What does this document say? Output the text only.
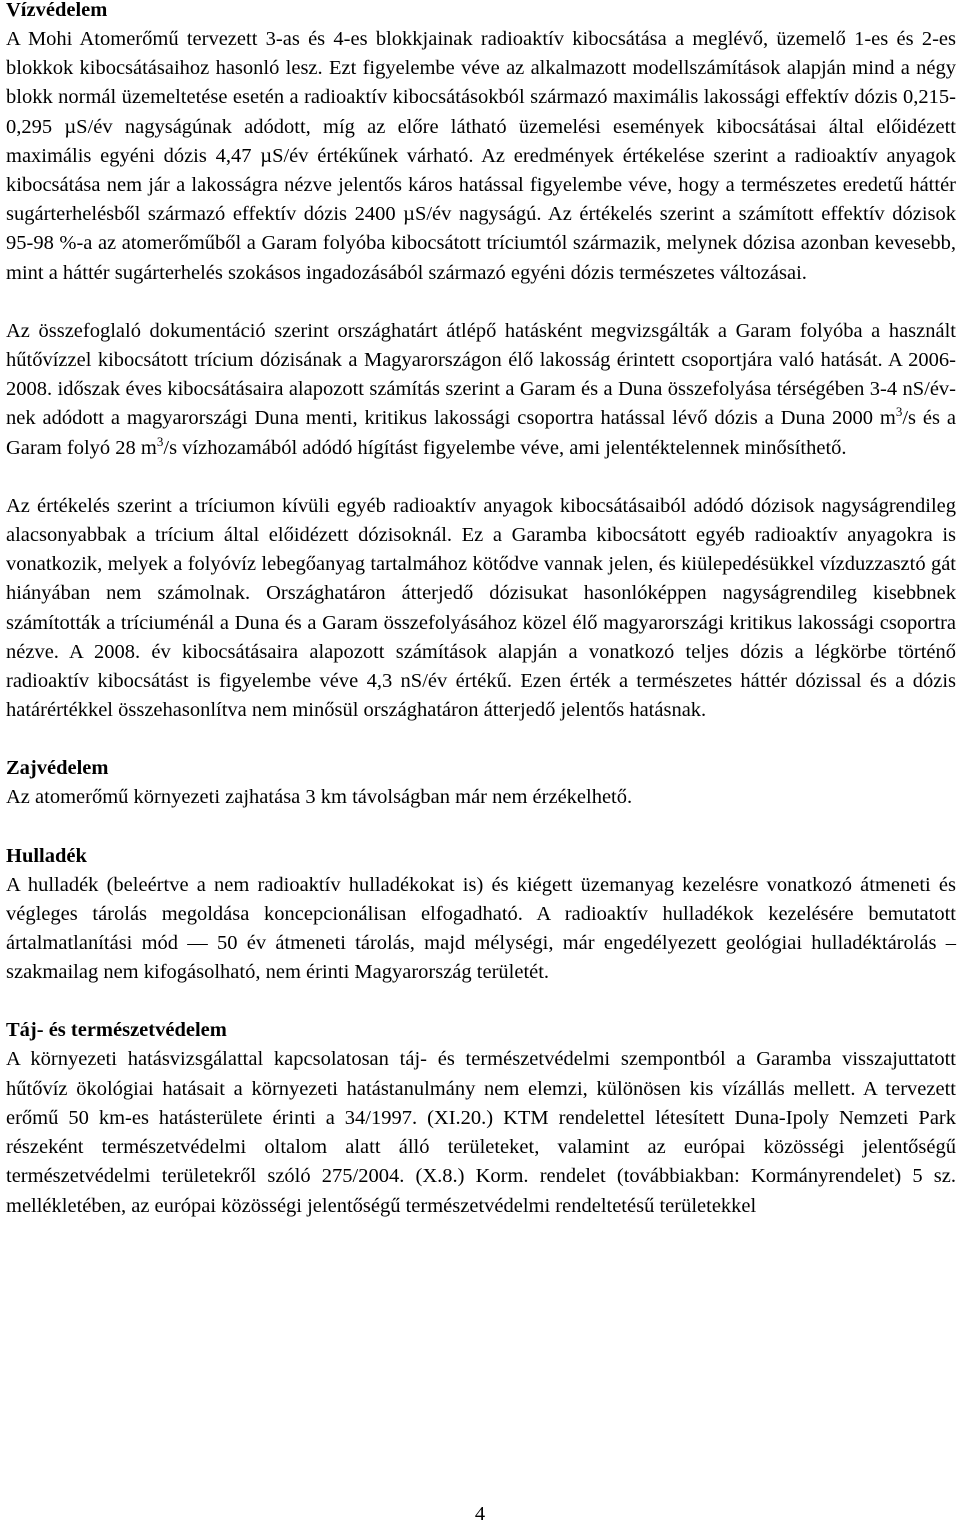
Vízvédelem

A Mohi Atomerőmű tervezett 3-as és 4-es blokkjainak radioaktív kibocsátása a meglévő, üzemelő 1-es és 2-es blokkok kibocsátásaihoz hasonló lesz. Ezt figyelembe véve az alkalmazott modellszámítások alapján mind a négy blokk normál üzemeltetése esetén a radioaktív kibocsátásokból származó maximális lakossági effektív dózis 0,215-0,295 µS/év nagyságúnak adódott, míg az előre látható üzemelési események kibocsátásai által előidézett maximális egyéni dózis 4,47 µS/év értékűnek várható. Az eredmények értékelése szerint a radioaktív anyagok kibocsátása nem jár a lakosságra nézve jelentős káros hatással figyelembe véve, hogy a természetes eredetű háttér sugárterhelésből származó effektív dózis 2400 µS/év nagyságú. Az értékelés szerint a számított effektív dózisok 95-98 %-a az atomerőműből a Garam folyóba kibocsátott tríciumtól származik, melynek dózisa azonban kevesebb, mint a háttér sugárterhelés szokásos ingadozásából származó egyéni dózis természetes változásai.

Az összefoglaló dokumentáció szerint országhatárt átlépő hatásként megvizsgálták a Garam folyóba a használt hűtővízzel kibocsátott trícium dózisának a Magyarországon élő lakosság érintett csoportjára való hatását. A 2006-2008. időszak éves kibocsátásaira alapozott számítás szerint a Garam és a Duna összefolyása térségében 3-4 nS/év-nek adódott a magyarországi Duna menti, kritikus lakossági csoportra hatással lévő dózis a Duna 2000 $m^3/s$ és a Garam folyó 28 $m^3/s$ vízhozamából adódó hígítást figyelembe véve, ami jelentéktelennek minősíthető.

Az értékelés szerint a tríciumon kívüli egyéb radioaktív anyagok kibocsátásaiból adódó dózisok nagyságrendileg alacsonyabbak a trícium által előidézett dózisoknál. Ez a Garamba kibocsátott egyéb radioaktív anyagokra is vonatkozik, melyek a folyóvíz lebegőanyag tartalmához kötődve vannak jelen, és kiülepedésükkel vízduzzasztó gát hiányában nem számolnak. Országhatáron átterjedő dózisukat hasonlóképpen nagyságrendileg kisebbnek számították a tríciuménál a Duna és a Garam összefolyásához közel élő magyarországi kritikus lakossági csoportra nézve. A 2008. év kibocsátásaira alapozott számítások alapján a vonatkozó teljes dózis a légkörbe történő radioaktív kibocsátást is figyelembe véve 4,3 nS/év értékű. Ezen érték a természetes háttér dózissal és a dózis határértékkel összehasonlítva nem minősül országhatáron átterjedő jelentős hatásnak.

Zajvédelem

Az atomerőmű környezeti zajhatása 3 km távolságban már nem érzékelhető.

Hulladék

A hulladék (beleértve a nem radioaktív hulladékokat is) és kiégett üzemanyag kezelésre vonatkozó átmeneti és végleges tárolás megoldása koncepcionálisan elfogadható. A radioaktív hulladékok kezelésére bemutatott ártalmatlanítási mód — 50 év átmeneti tárolás, majd mélységi, már engedélyezett geológiai hulladéktárolás – szakmailag nem kifogásolható, nem érinti Magyarország területét.

Táj- és természetvédelem

A környezeti hatásvizsgálattal kapcsolatosan táj- és természetvédelmi szempontból a Garamba visszajuttatott hűtővíz ökológiai hatásait a környezeti hatástanulmány nem elemzi, különösen kis vízállás mellett. A tervezett erőmű 50 km-es hatásterülete érinti a 34/1997. (XI.20.) KTM rendelettel létesített Duna-Ipoly Nemzeti Park részeként természetvédelmi oltalom alatt álló területeket, valamint az európai közösségi jelentőségű természetvédelmi területekről szóló 275/2004. (X.8.) Korm. rendelet (továbbiakban: Kormányrendelet) 5 sz. mellékletében, az európai közösségi jelentőségű természetvédelmi rendeltetésű területekkel

4
